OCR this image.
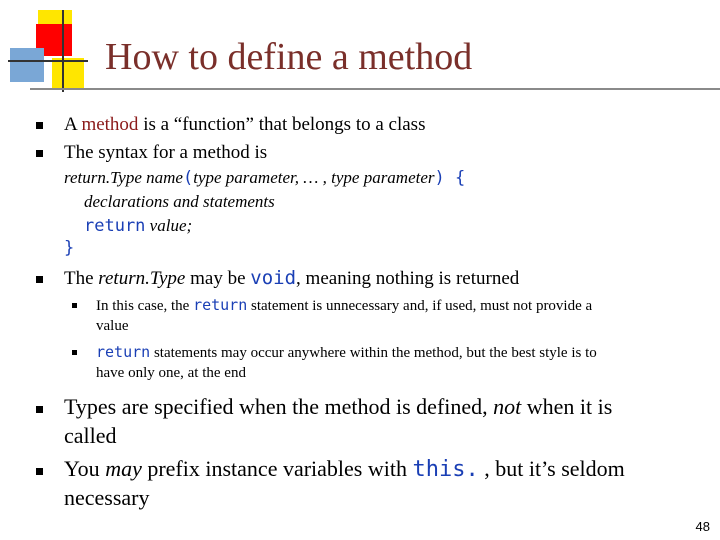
How to define a method
A method is a “function” that belongs to a class
The syntax for a method is
return.Type name(type parameter, … , type parameter) {
declarations and statements
return value;
}
The return.Type may be void, meaning nothing is returned
In this case, the return statement is unnecessary and, if used, must not provide a
value
return statements may occur anywhere within the method, but the best style is to
have only one, at the end
Types are specified when the method is defined, not when it is
called
You may prefix instance variables with this. , but it’s seldom
necessary
48
